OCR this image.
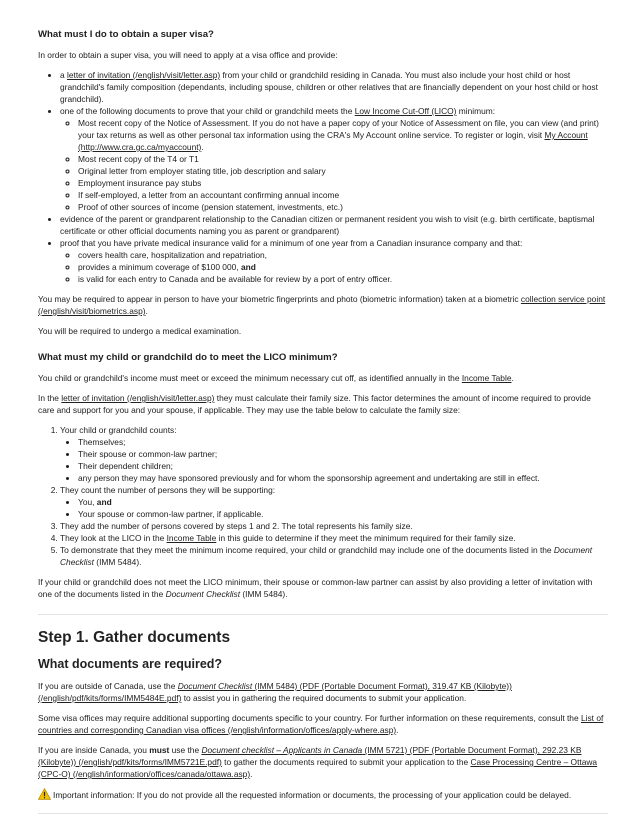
What must I do to obtain a super visa?

In order to obtain a super visa, you will need to apply at a visa office and provide:

• a letter of invitation (/english/visit/letter.asp) from your child or grandchild residing in Canada. You must also include your host child or host grandchild's family composition (dependants, including spouse, children or other relatives that are financially dependent on your host child or host grandchild).
• one of the following documents to prove that your child or grandchild meets the Low Income Cut-Off (LICO) minimum:
◦ Most recent copy of the Notice of Assessment. If you do not have a paper copy of your Notice of Assessment on file, you can view (and print) your tax returns as well as other personal tax information using the CRA's My Account online service. To register or login, visit My Account (http://www.cra.gc.ca/myaccount).
◦ Most recent copy of the T4 or T1
◦ Original letter from employer stating title, job description and salary
◦ Employment insurance pay stubs
◦ If self-employed, a letter from an accountant confirming annual income
◦ Proof of other sources of income (pension statement, investments, etc.)
• evidence of the parent or grandparent relationship to the Canadian citizen or permanent resident you wish to visit (e.g. birth certificate, baptismal certificate or other official documents naming you as parent or grandparent)
• proof that you have private medical insurance valid for a minimum of one year from a Canadian insurance company and that:
◦ covers health care, hospitalization and repatriation,
◦ provides a minimum coverage of $100 000, and
◦ is valid for each entry to Canada and be available for review by a port of entry officer.

You may be required to appear in person to have your biometric fingerprints and photo (biometric information) taken at a biometric collection service point (/english/visit/biometrics.asp).

You will be required to undergo a medical examination.

What must my child or grandchild do to meet the LICO minimum?

You child or grandchild's income must meet or exceed the minimum necessary cut off, as identified annually in the Income Table.

In the letter of invitation (/english/visit/letter.asp) they must calculate their family size. This factor determines the amount of income required to provide care and support for you and your spouse, if applicable. They may use the table below to calculate the family size:

1. Your child or grandchild counts:
• Themselves;
• Their spouse or common-law partner;
• Their dependent children;
• any person they may have sponsored previously and for whom the sponsorship agreement and undertaking are still in effect.
2. They count the number of persons they will be supporting:
• You, and
• Your spouse or common-law partner, if applicable.
3. They add the number of persons covered by steps 1 and 2. The total represents his family size.
4. They look at the LICO in the Income Table in this guide to determine if they meet the minimum required for their family size.
5. To demonstrate that they meet the minimum income required, your child or grandchild may include one of the documents listed in the Document Checklist (IMM 5484).

If your child or grandchild does not meet the LICO minimum, their spouse or common-law partner can assist by also providing a letter of invitation with one of the documents listed in the Document Checklist (IMM 5484).

Step 1. Gather documents
What documents are required?

If you are outside of Canada, use the Document Checklist (IMM 5484) (PDF (Portable Document Format), 319.47 KB (Kilobyte)) (/english/pdf/kits/forms/IMM5484E.pdf) to assist you in gathering the required documents to submit your application.

Some visa offices may require additional supporting documents specific to your country. For further information on these requirements, consult the List of countries and corresponding Canadian visa offices (/english/information/offices/apply-where.asp).

If you are inside Canada, you must use the Document checklist – Applicants in Canada (IMM 5721) (PDF (Portable Document Format), 292.23 KB (Kilobyte)) (/english/pdf/kits/forms/IMM5721E.pdf) to gather the documents required to submit your application to the Case Processing Centre – Ottawa (CPC-O) (/english/information/offices/canada/ottawa.asp).

Important information: If you do not provide all the requested information or documents, the processing of your application could be delayed.
